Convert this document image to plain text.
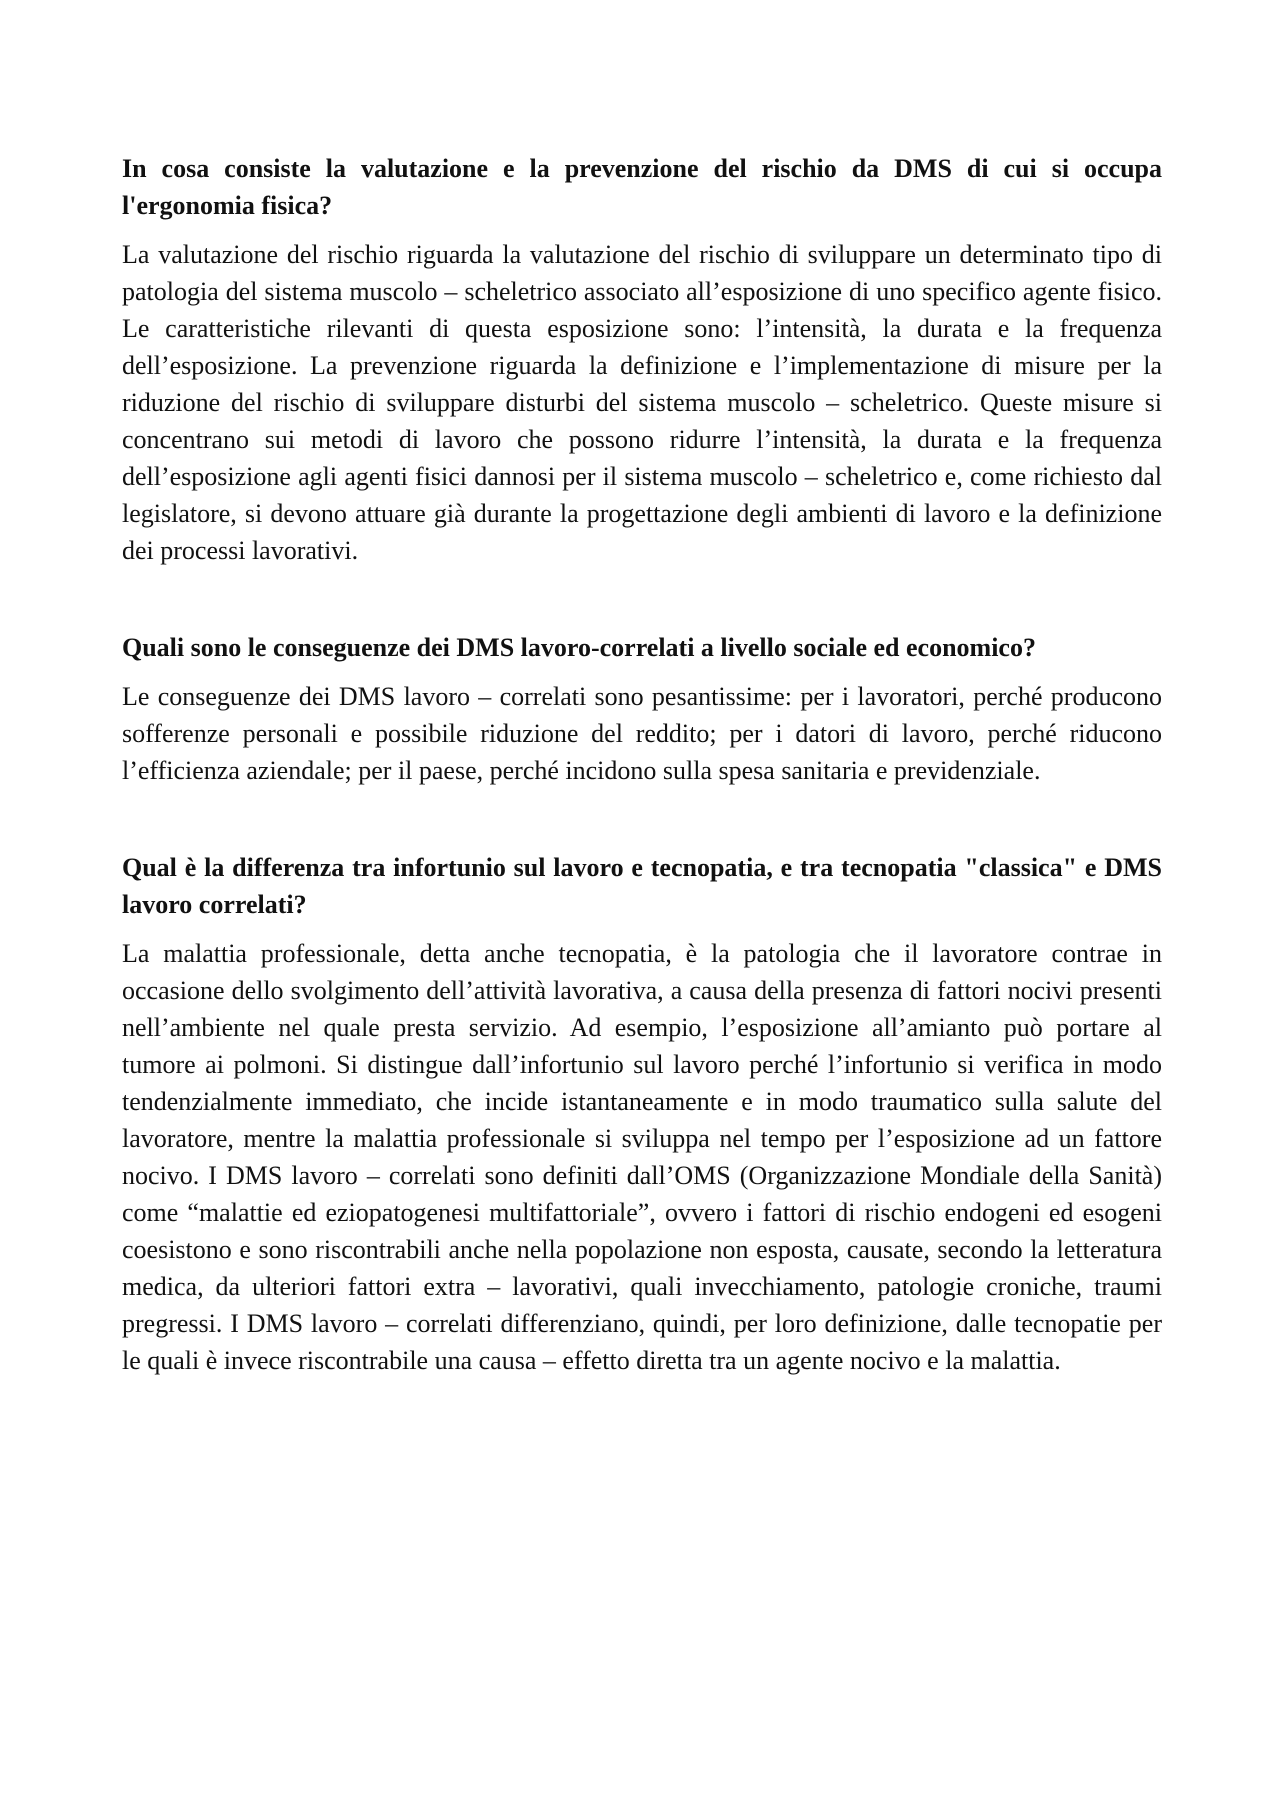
In cosa consiste la valutazione e la prevenzione del rischio da DMS di cui si occupa l'ergonomia fisica?

La valutazione del rischio riguarda la valutazione del rischio di sviluppare un determinato tipo di patologia del sistema muscolo – scheletrico associato all’esposizione di uno specifico agente fisico. Le caratteristiche rilevanti di questa esposizione sono: l’intensità, la durata e la frequenza dell’esposizione. La prevenzione riguarda la definizione e l’implementazione di misure per la riduzione del rischio di sviluppare disturbi del sistema muscolo – scheletrico. Queste misure si concentrano sui metodi di lavoro che possono ridurre l’intensità, la durata e la frequenza dell’esposizione agli agenti fisici dannosi per il sistema muscolo – scheletrico e, come richiesto dal legislatore, si devono attuare già durante la progettazione degli ambienti di lavoro e la definizione dei processi lavorativi.

Quali sono le conseguenze dei DMS lavoro-correlati a livello sociale ed economico?

Le conseguenze dei DMS lavoro – correlati sono pesantissime: per i lavoratori, perché producono sofferenze personali e possibile riduzione del reddito; per i datori di lavoro, perché riducono l’efficienza aziendale; per il paese, perché incidono sulla spesa sanitaria e previdenziale.

Qual è la differenza tra infortunio sul lavoro e tecnopatia, e tra tecnopatia "classica" e DMS lavoro correlati?

La malattia professionale, detta anche tecnopatia, è la patologia che il lavoratore contrae in occasione dello svolgimento dell’attività lavorativa, a causa della presenza di fattori nocivi presenti nell’ambiente nel quale presta servizio. Ad esempio, l’esposizione all’amianto può portare al tumore ai polmoni. Si distingue dall’infortunio sul lavoro perché l’infortunio si verifica in modo tendenzialmente immediato, che incide istantaneamente e in modo traumatico sulla salute del lavoratore, mentre la malattia professionale si sviluppa nel tempo per l’esposizione ad un fattore nocivo. I DMS lavoro – correlati sono definiti dall’OMS (Organizzazione Mondiale della Sanità) come “malattie ed eziopatogenesi multifattoriale”, ovvero i fattori di rischio endogeni ed esogeni coesistono e sono riscontrabili anche nella popolazione non esposta, causate, secondo la letteratura medica, da ulteriori fattori extra – lavorativi, quali invecchiamento, patologie croniche, traumi pregressi. I DMS lavoro – correlati differenziano, quindi, per loro definizione, dalle tecnopatie per le quali è invece riscontrabile una causa – effetto diretta tra un agente nocivo e la malattia.
